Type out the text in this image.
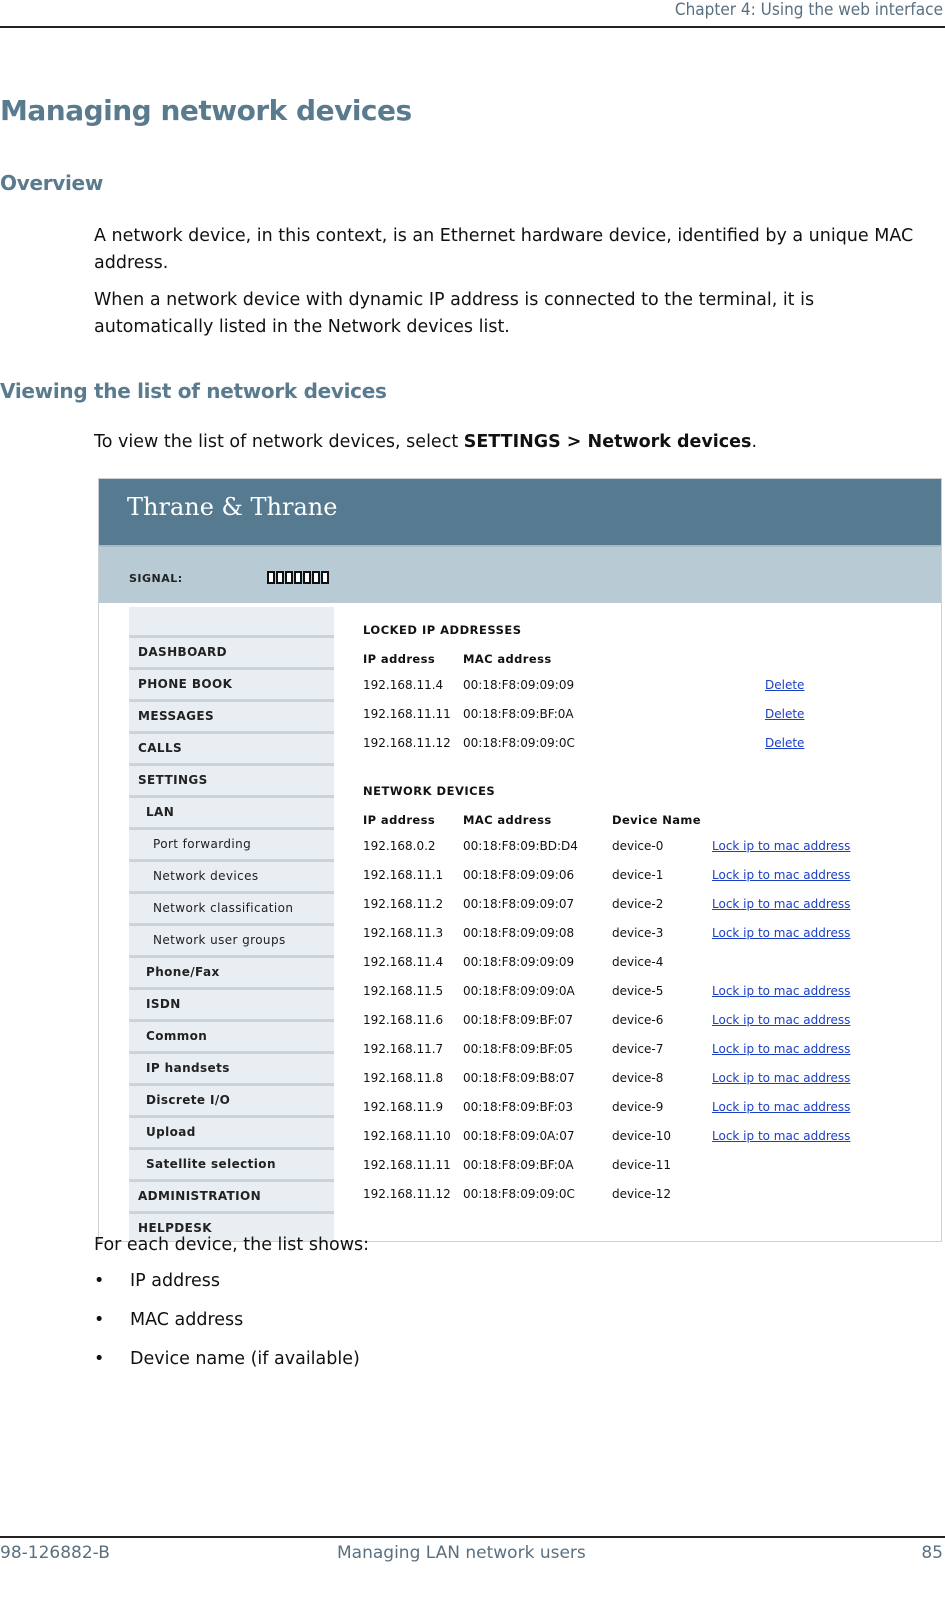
Chapter 4: Using the web interface
Managing network devices
Overview
A network device, in this context, is an Ethernet hardware device, identified by a unique MAC address.
When a network device with dynamic IP address is connected to the terminal, it is automatically listed in the Network devices list.
Viewing the list of network devices
To view the list of network devices, select SETTINGS > Network devices.
Thrane & Thrane
SIGNAL:
DASHBOARD
PHONE BOOK
MESSAGES
CALLS
SETTINGS
LAN
Port forwarding
Network devices
Network classification
Network user groups
Phone/Fax
ISDN
Common
IP handsets
Discrete I/O
Upload
Satellite selection
ADMINISTRATION
HELPDESK
LOCKED IP ADDRESSES
IP address MAC address
192.168.11.4 00:18:F8:09:09:09	Delete
192.168.11.11 00:18:F8:09:BF:0A	Delete
192.168.11.12 00:18:F8:09:09:0C	Delete
NETWORK DEVICES
IP address MAC address	Device Name
192.168.0.2 00:18:F8:09:BD:D4	device-0	Lock ip to mac address
192.168.11.1 00:18:F8:09:09:06	device-1	Lock ip to mac address
192.168.11.2 00:18:F8:09:09:07	device-2	Lock ip to mac address
192.168.11.3 00:18:F8:09:09:08	device-3	Lock ip to mac address
192.168.11.4 00:18:F8:09:09:09	device-4
192.168.11.5 00:18:F8:09:09:0A	device-5	Lock ip to mac address
192.168.11.6 00:18:F8:09:BF:07	device-6	Lock ip to mac address
192.168.11.7 00:18:F8:09:BF:05	device-7	Lock ip to mac address
192.168.11.8 00:18:F8:09:B8:07	device-8	Lock ip to mac address
192.168.11.9 00:18:F8:09:BF:03	device-9	Lock ip to mac address
192.168.11.10 00:18:F8:09:0A:07	device-10	Lock ip to mac address
192.168.11.11 00:18:F8:09:BF:0A	device-11
192.168.11.12 00:18:F8:09:09:0C	device-12
For each device, the list shows:
• IP address
• MAC address
• Device name (if available)
98-126882-B	Managing LAN network users	85
